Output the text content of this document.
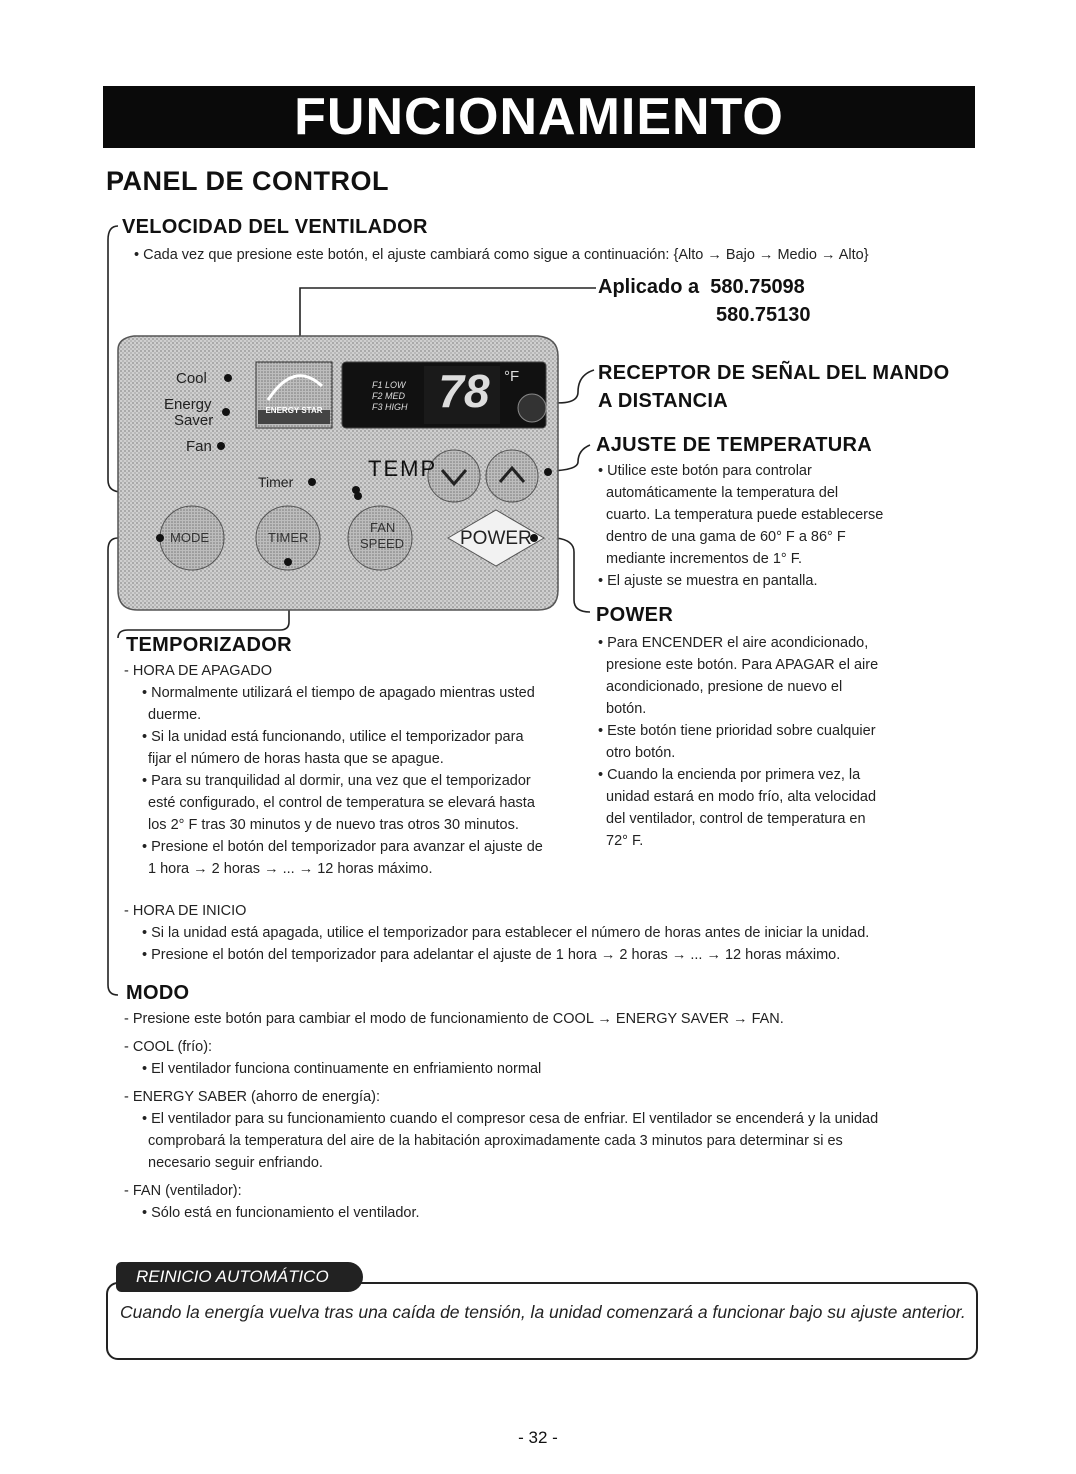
FUNCIONAMIENTO
PANEL DE CONTROL
VELOCIDAD DEL VENTILADOR

• Cada vez que presione este botón, el ajuste cambiará como sigue a continuación: {Alto → Bajo → Medio → Alto}

Aplicado a 580.75098
580.75130
Cool
Energy
Saver
Fan
Timer
ENERGY STAR
TEMP
F1 LOW
F2 MED
F3 HIGH 78 °F
MODE	TIMER
FAN
SPEED	POWER
RECEPTOR DE SEÑAL DEL MANDO
A DISTANCIA
AJUSTE DE TEMPERATURA

• Utilice este botón para controlar

automáticamente la temperatura del

cuarto. La temperatura puede establecerse

dentro de una gama de 60° F a 86° F

mediante incrementos de 1° F.

• El ajuste se muestra en pantalla.

POWER

• Para ENCENDER el aire acondicionado,

presione este botón. Para APAGAR el aire

acondicionado, presione de nuevo el

botón.

• Este botón tiene prioridad sobre cualquier

otro botón.

• Cuando la encienda por primera vez, la

unidad estará en modo frío, alta velocidad

del ventilador, control de temperatura en

72° F.

TEMPORIZADOR

- HORA DE APAGADO

• Normalmente utilizará el tiempo de apagado mientras usted

duerme.

• Si la unidad está funcionando, utilice el temporizador para

fijar el número de horas hasta que se apague.

• Para su tranquilidad al dormir, una vez que el temporizador

esté configurado, el control de temperatura se elevará hasta

los 2° F tras 30 minutos y de nuevo tras otros 30 minutos.

• Presione el botón del temporizador para avanzar el ajuste de

1 hora → 2 horas → ... → 12 horas máximo.

- HORA DE INICIO

• Si la unidad está apagada, utilice el temporizador para establecer el número de horas antes de iniciar la unidad.

• Presione el botón del temporizador para adelantar el ajuste de 1 hora → 2 horas → ... → 12 horas máximo.

MODO

- Presione este botón para cambiar el modo de funcionamiento de COOL → ENERGY SAVER → FAN.

- COOL (frío):

• El ventilador funciona continuamente en enfriamiento normal

- ENERGY SABER (ahorro de energía):

• El ventilador para su funcionamiento cuando el compresor cesa de enfriar. El ventilador se encenderá y la unidad

comprobará la temperatura del aire de la habitación aproximadamente cada 3 minutos para determinar si es

necesario seguir enfriando.

- FAN (ventilador):

• Sólo está en funcionamiento el ventilador.

REINICIO AUTOMÁTICO
Cuando la energía vuelva tras una caída de tensión, la unidad comenzará a funcionar bajo su ajuste anterior.
- 32 -
